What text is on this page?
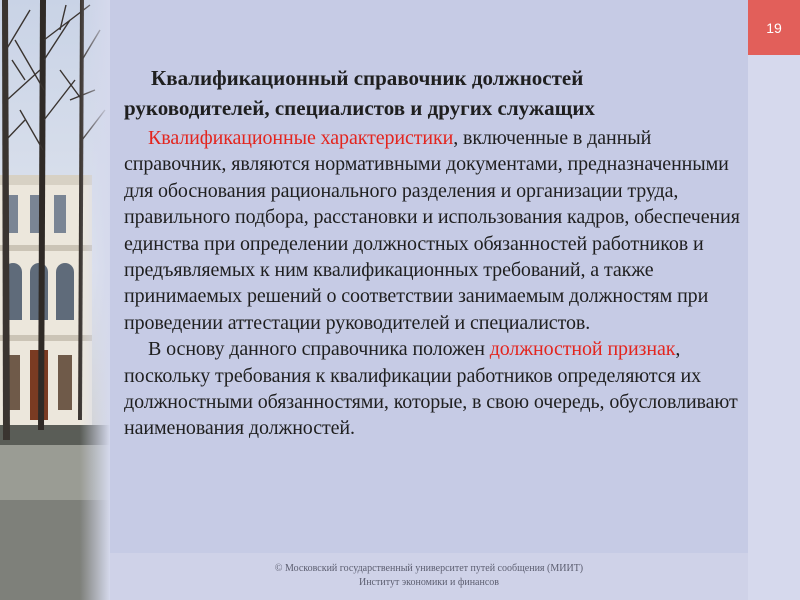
19
Квалификационный справочник должностей
руководителей, специалистов и других служащих

Квалификационные характеристики, включенные в данный справочник, являются нормативными документами, предназначенными для обоснования рационального разделения и организации труда, правильного подбора, расстановки и использования кадров, обеспечения единства при определении должностных обязанностей работников и предъявляемых к ним квалификационных требований, а также принимаемых решений о соответствии занимаемым должностям при проведении аттестации руководителей и специалистов.

В основу данного справочника положен должностной признак, поскольку требования к квалификации работников определяются их должностными обязанностями, которые, в свою очередь, обусловливают наименования должностей.

© Московский государственный университет путей сообщения (МИИТ)
Институт экономики и финансов
